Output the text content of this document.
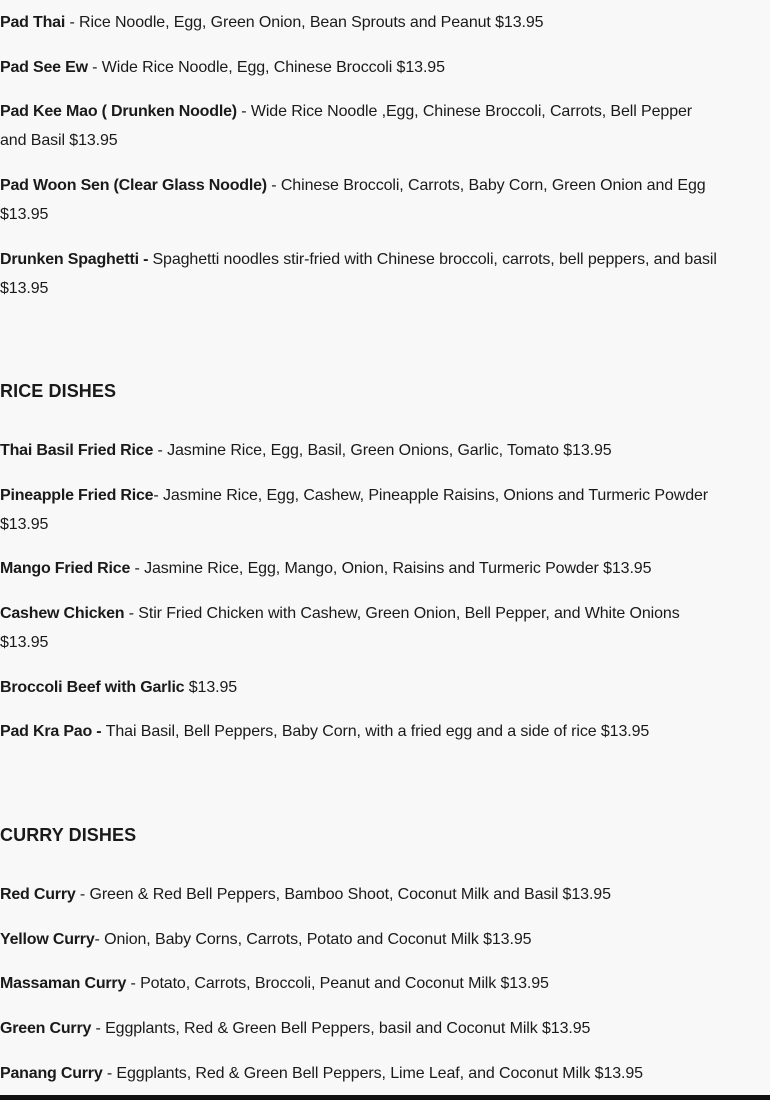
Pad Thai - Rice Noodle, Egg, Green Onion, Bean Sprouts and Peanut $13.95
Pad See Ew - Wide Rice Noodle, Egg, Chinese Broccoli $13.95
Pad Kee Mao ( Drunken Noodle) - Wide Rice Noodle ,Egg, Chinese Broccoli, Carrots, Bell Pepper and Basil $13.95
Pad Woon Sen (Clear Glass Noodle) - Chinese Broccoli, Carrots, Baby Corn, Green Onion and Egg $13.95
Drunken Spaghetti - Spaghetti noodles stir-fried with Chinese broccoli, carrots, bell peppers, and basil $13.95
RICE DISHES
Thai Basil Fried Rice - Jasmine Rice, Egg, Basil, Green Onions, Garlic, Tomato $13.95
Pineapple Fried Rice- Jasmine Rice, Egg, Cashew, Pineapple Raisins, Onions and Turmeric Powder $13.95
Mango Fried Rice - Jasmine Rice, Egg, Mango, Onion, Raisins and Turmeric Powder $13.95
Cashew Chicken - Stir Fried Chicken with Cashew, Green Onion, Bell Pepper, and White Onions $13.95
Broccoli Beef with Garlic $13.95
Pad Kra Pao - Thai Basil, Bell Peppers, Baby Corn, with a fried egg and a side of rice $13.95
CURRY DISHES
Red Curry - Green & Red Bell Peppers, Bamboo Shoot, Coconut Milk and Basil $13.95
Yellow Curry- Onion, Baby Corns, Carrots, Potato and Coconut Milk $13.95
Massaman Curry - Potato, Carrots, Broccoli, Peanut and Coconut Milk $13.95
Green Curry - Eggplants, Red & Green Bell Peppers, basil and Coconut Milk $13.95
Panang Curry - Eggplants, Red & Green Bell Peppers, Lime Leaf, and Coconut Milk $13.95
